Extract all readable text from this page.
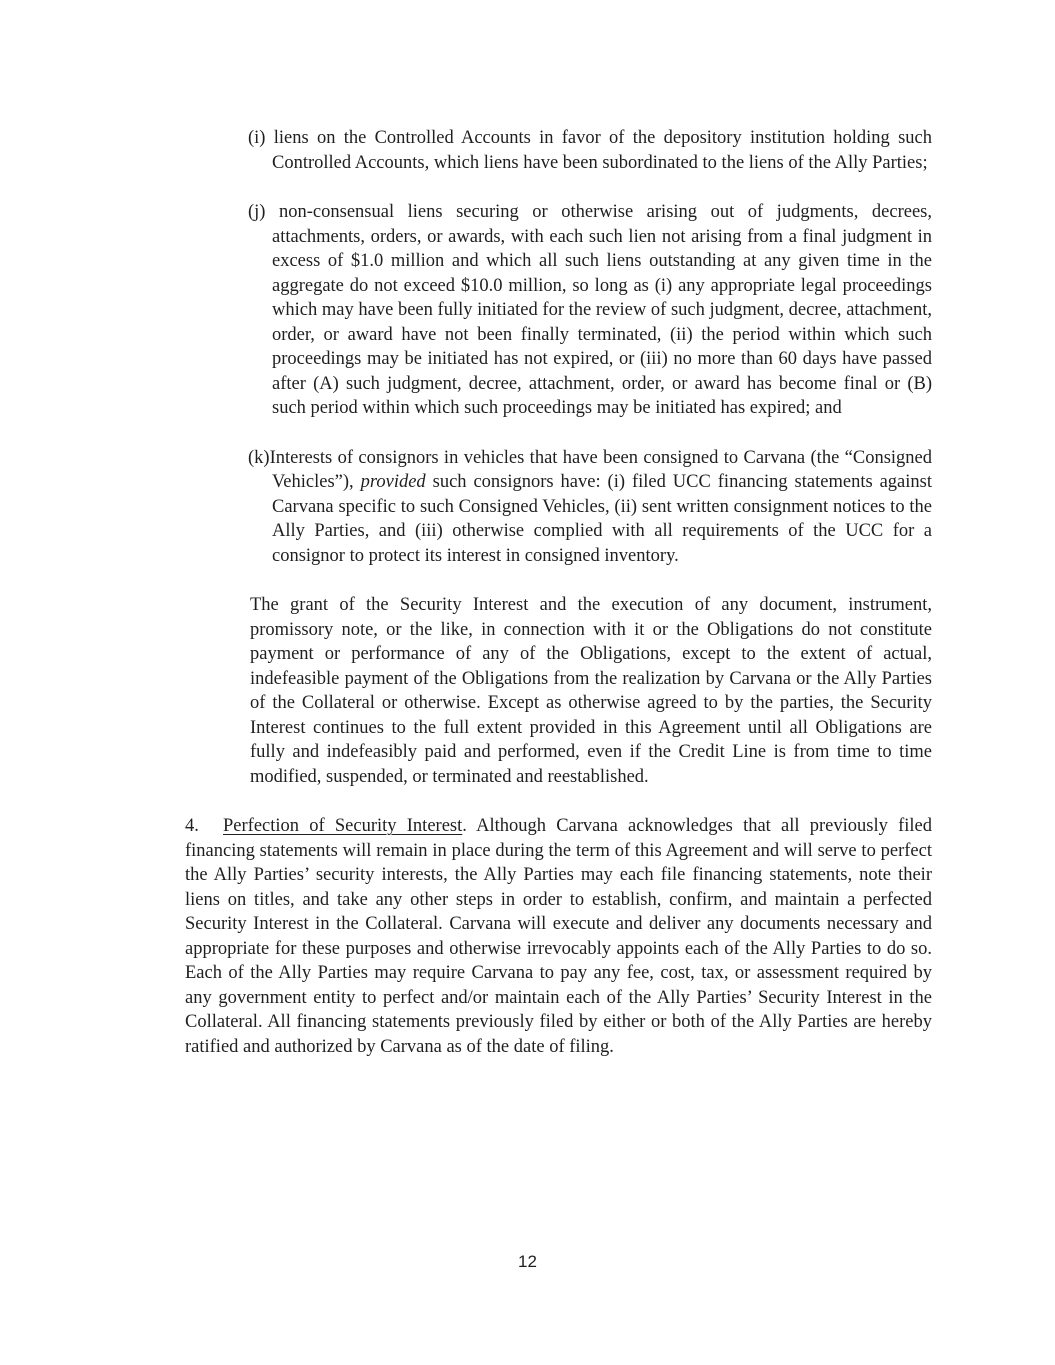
(i) liens on the Controlled Accounts in favor of the depository institution holding such Controlled Accounts, which liens have been subordinated to the liens of the Ally Parties;
(j) non-consensual liens securing or otherwise arising out of judgments, decrees, attachments, orders, or awards, with each such lien not arising from a final judgment in excess of $1.0 million and which all such liens outstanding at any given time in the aggregate do not exceed $10.0 million, so long as (i) any appropriate legal proceedings which may have been fully initiated for the review of such judgment, decree, attachment, order, or award have not been finally terminated, (ii) the period within which such proceedings may be initiated has not expired, or (iii) no more than 60 days have passed after (A) such judgment, decree, attachment, order, or award has become final or (B) such period within which such proceedings may be initiated has expired; and
(k)Interests of consignors in vehicles that have been consigned to Carvana (the “Consigned Vehicles”), provided such consignors have: (i) filed UCC financing statements against Carvana specific to such Consigned Vehicles, (ii) sent written consignment notices to the Ally Parties, and (iii) otherwise complied with all requirements of the UCC for a consignor to protect its interest in consigned inventory.
The grant of the Security Interest and the execution of any document, instrument, promissory note, or the like, in connection with it or the Obligations do not constitute payment or performance of any of the Obligations, except to the extent of actual, indefeasible payment of the Obligations from the realization by Carvana or the Ally Parties of the Collateral or otherwise. Except as otherwise agreed to by the parties, the Security Interest continues to the full extent provided in this Agreement until all Obligations are fully and indefeasibly paid and performed, even if the Credit Line is from time to time modified, suspended, or terminated and reestablished.
4. Perfection of Security Interest. Although Carvana acknowledges that all previously filed financing statements will remain in place during the term of this Agreement and will serve to perfect the Ally Parties’ security interests, the Ally Parties may each file financing statements, note their liens on titles, and take any other steps in order to establish, confirm, and maintain a perfected Security Interest in the Collateral. Carvana will execute and deliver any documents necessary and appropriate for these purposes and otherwise irrevocably appoints each of the Ally Parties to do so. Each of the Ally Parties may require Carvana to pay any fee, cost, tax, or assessment required by any government entity to perfect and/or maintain each of the Ally Parties’ Security Interest in the Collateral. All financing statements previously filed by either or both of the Ally Parties are hereby ratified and authorized by Carvana as of the date of filing.
12
